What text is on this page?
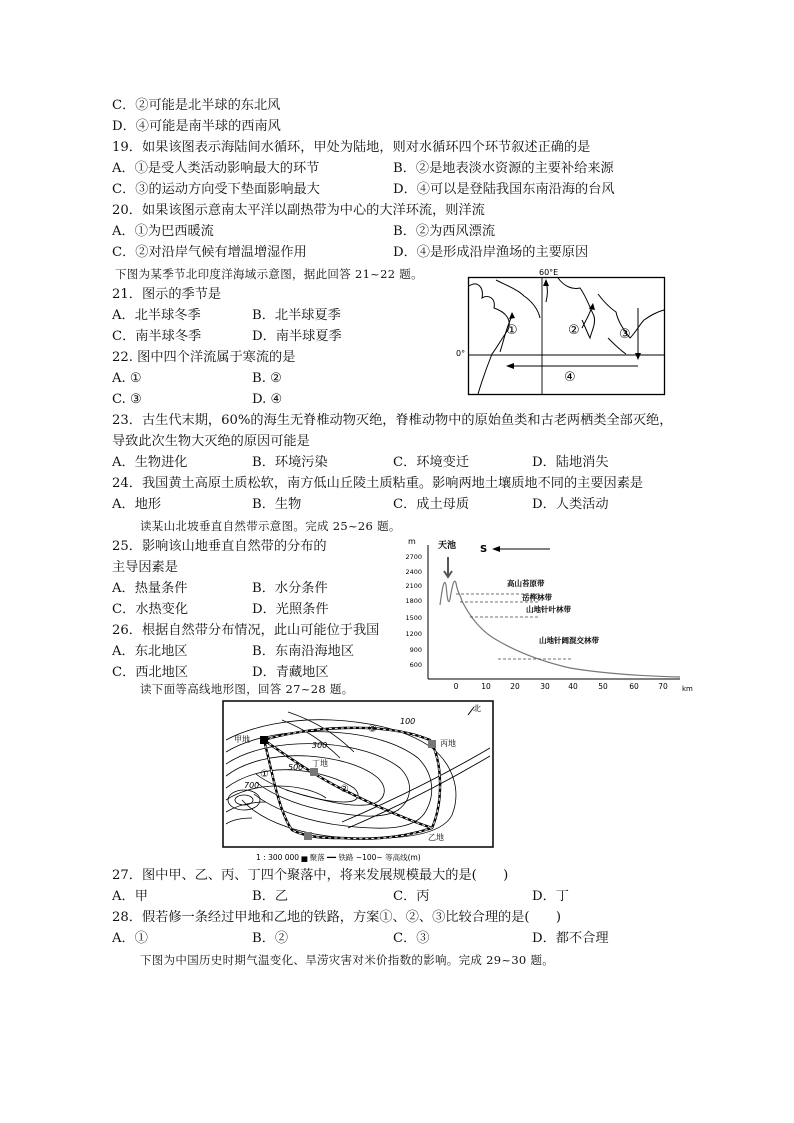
C．②可能是北半球的东北风
D．④可能是南半球的西南风
19．如果该图表示海陆间水循环，甲处为陆地，则对水循环四个环节叙述正确的是
A．①是受人类活动影响最大的环节	B．②是地表淡水资源的主要补给来源
C．③的运动方向受下垫面影响最大	D．④可以是登陆我国东南沿海的台风
20．如果该图示意南太平洋以副热带为中心的大洋环流，则洋流
A．①为巴西暖流	B．②为西风漂流
C．②对沿岸气候有增温增湿作用	D．④是形成沿岸渔场的主要原因
下图为某季节北印度洋海域示意图，据此回答 21~22 题。
21．图示的季节是
A．北半球冬季	B．北半球夏季
C．南半球冬季	D．南半球夏季
22. 图中四个洋流属于寒流的是
A. ①	B. ②
C. ③	D. ④
60°E
0°
①	②	③
④
23．古生代末期，60%的海生无脊椎动物灭绝，脊椎动物中的原始鱼类和古老两栖类全部灭绝，
导致此次生物大灭绝的原因可能是
A．生物进化	B．环境污染	C．环境变迁	D．陆地消失
24．我国黄土高原土质松软，南方低山丘陵土质粘重。影响两地土壤质地不同的主要因素是
A．地形	B．生物	C．成土母质	D．人类活动
读某山北坡垂直自然带示意图。完成 25~26 题。
25．影响该山地垂直自然带的分布的
主导因素是
A．热量条件	B．水分条件
C．水热变化	D．光照条件
26．根据自然带分布情况，此山可能位于我国
A．东北地区	B．东南沿海地区
C．西北地区	D．青藏地区
m
2700
2400
2100
1800
1500
1200
900
600
0	10	20	30 40	50	60	70 km
天池 S
高山苔原带
岳桦林带
山地针叶林带
山地针阔混交林带
读下面等高线地形图，回答 27~28 题。
北
甲地	丙地
丁地
乙地
100
300
500
700
①
②
③
1 : 300 000 ▅ 聚落 ━━ 铁路 ~100~ 等高线(m)
27．图中甲、乙、丙、丁四个聚落中，将来发展规模最大的是(　　)
A．甲	B．乙	C．丙	D．丁
28．假若修一条经过甲地和乙地的铁路，方案①、②、③比较合理的是(　　)
A．①	B．②	C．③	D．都不合理
下图为中国历史时期气温变化、旱涝灾害对米价指数的影响。完成 29~30 题。
